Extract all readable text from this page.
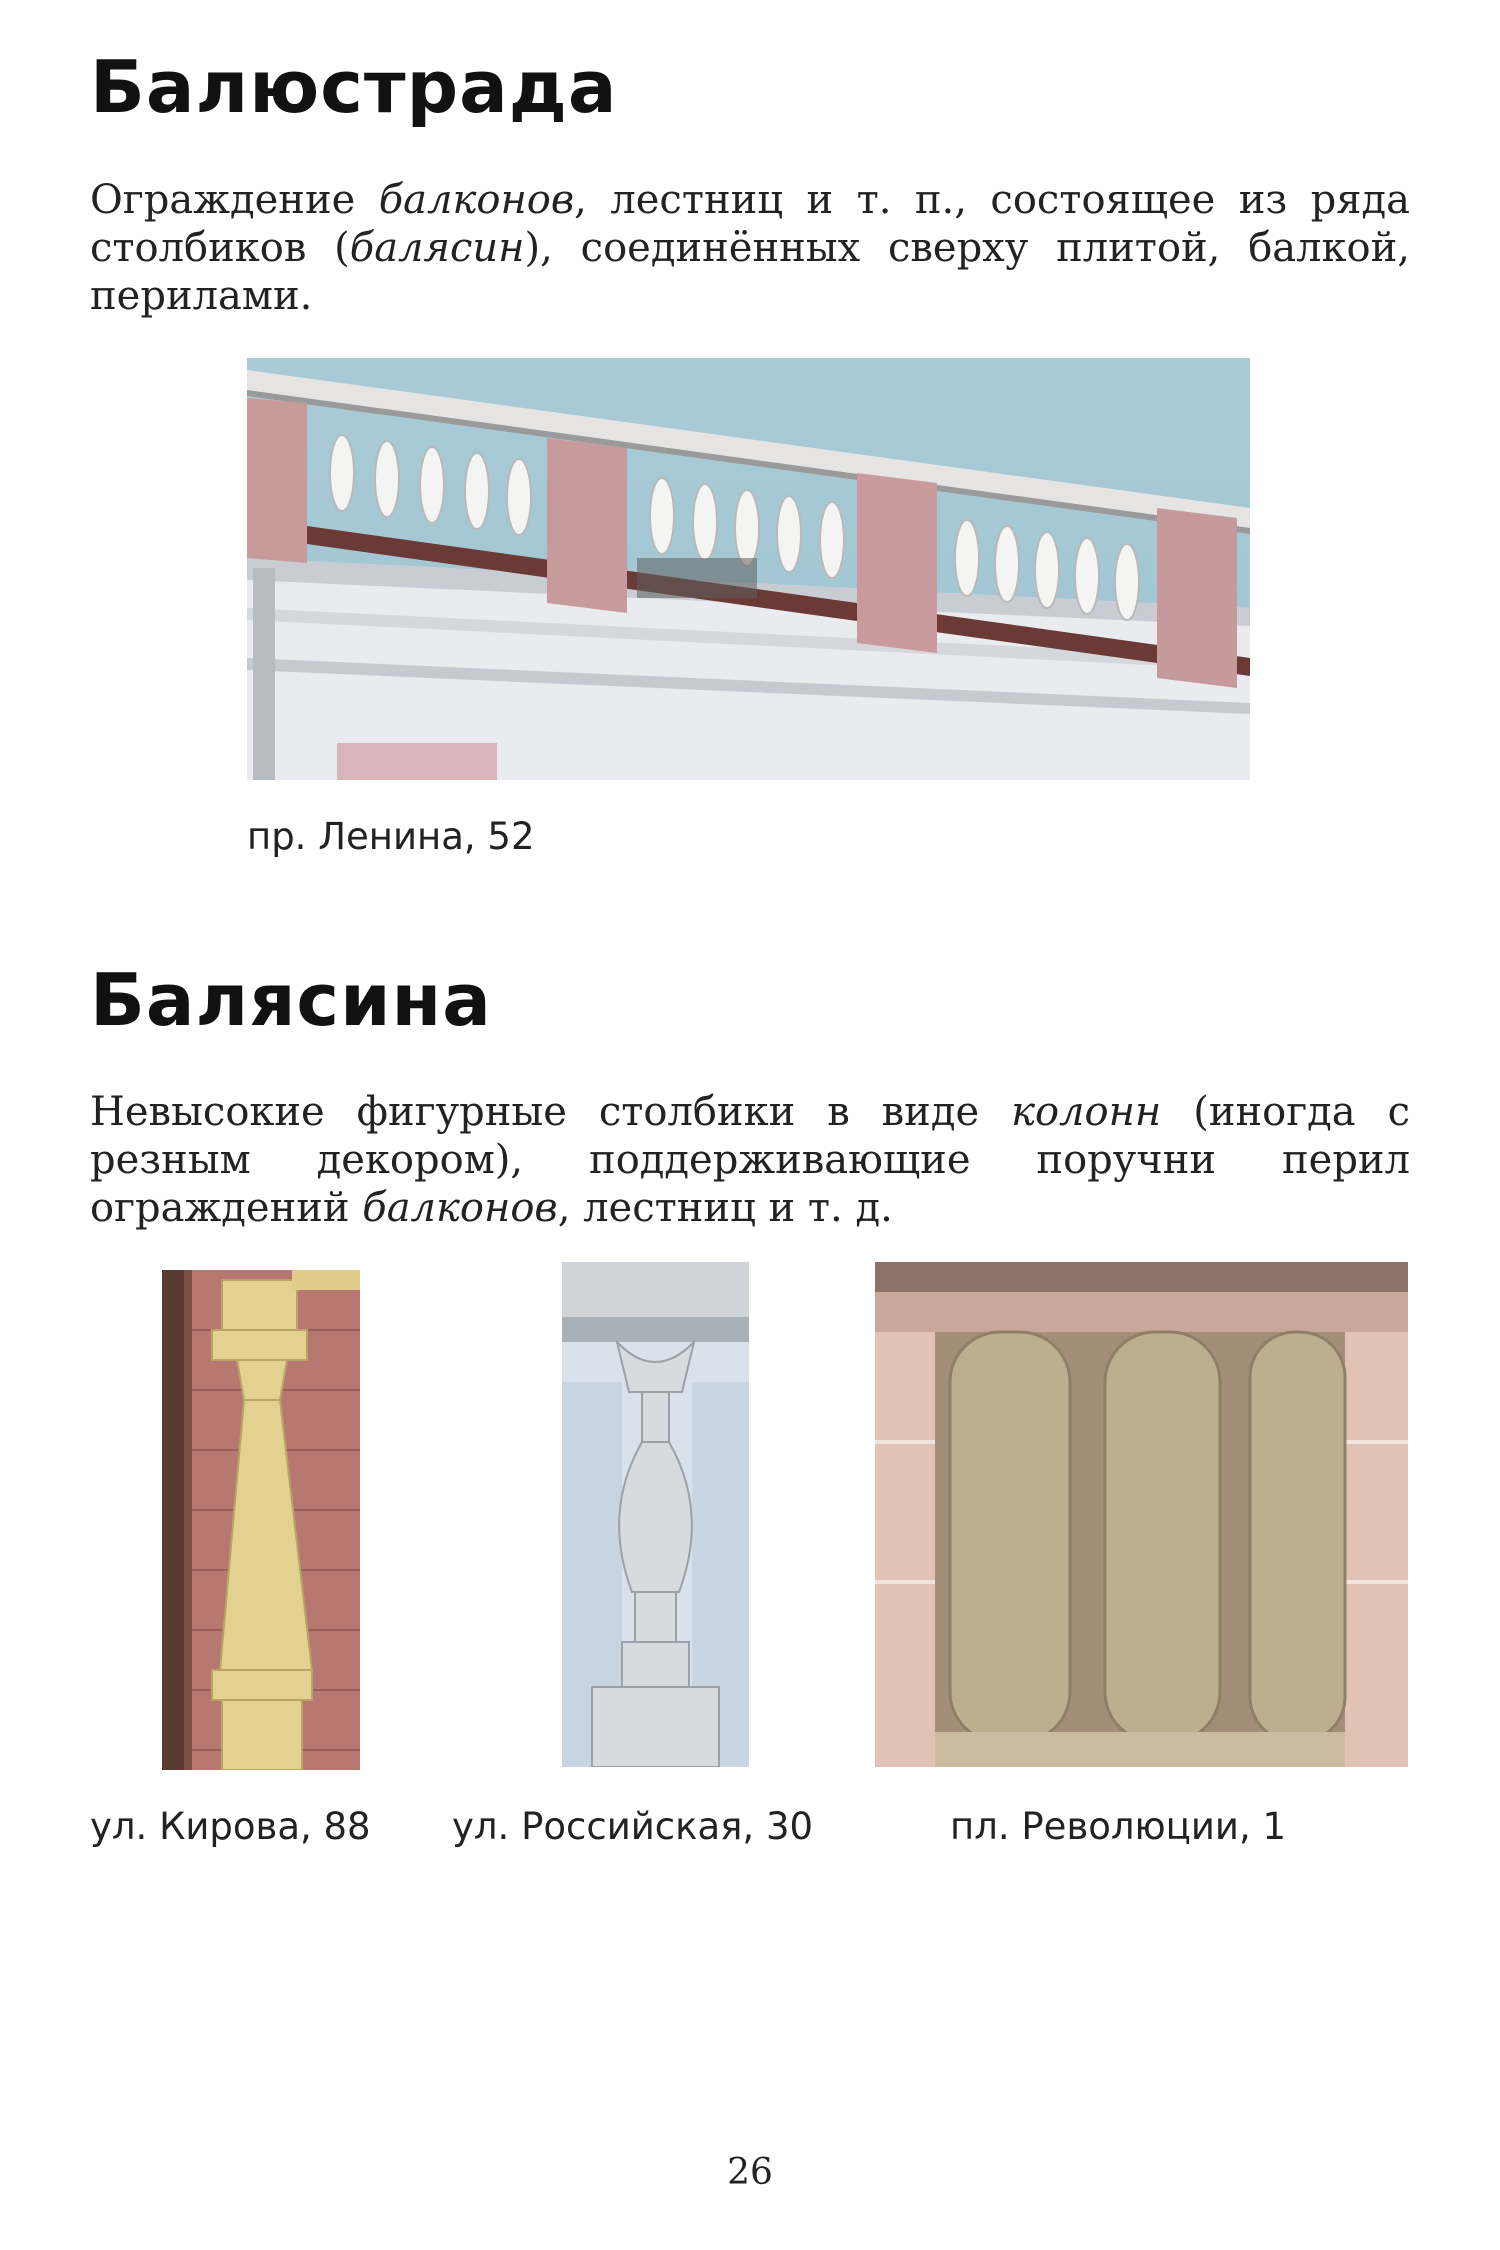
Балюстрада

Ограждение балконов, лестниц и т. п., состоящее из ряда столбиков (балясин), соединённых сверху плитой, балкой, перилами.

пр. Ленина, 52
Балясина

Невысокие фигурные столбики в виде колонн (иногда с резным декором), поддерживающие поручни перил ограждений балконов, лестниц и т. д.

ул. Кирова, 88 ул. Российская, 30	пл. Революции, 1
26
